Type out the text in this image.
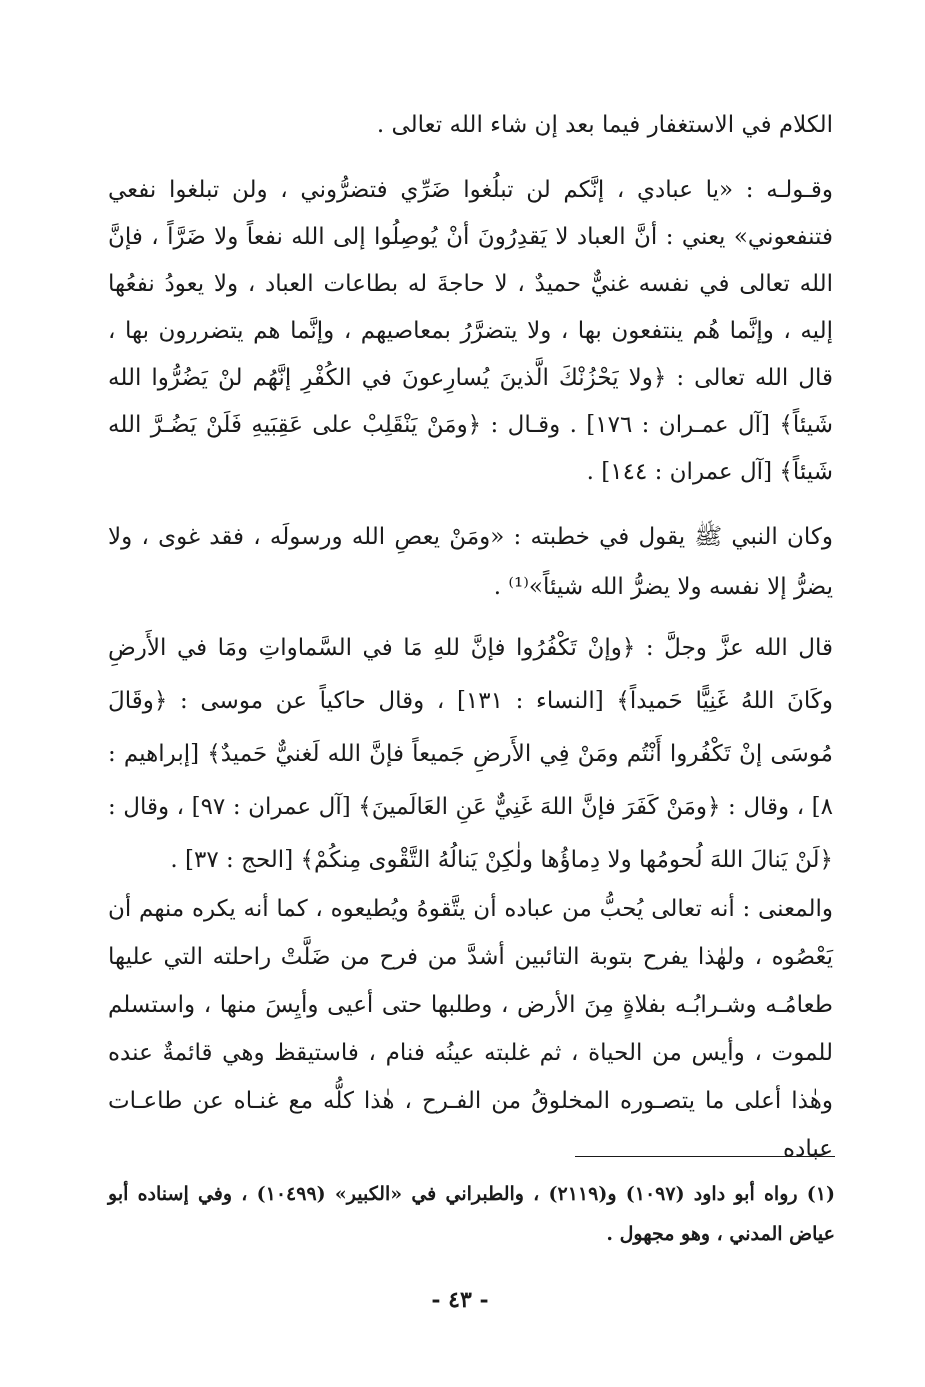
الكلام في الاستغفار فيما بعد إن شاء الله تعالى .

وقـولـه : «يا عبادي ، إنَّكم لن تبلُغوا ضَرِّي فتضرُّوني ، ولن تبلغوا نفعي فتنفعوني» يعني : أنَّ العباد لا يَقدِرُونَ أنْ يُوصِلُوا إلى الله نفعاً ولا ضَرَّاً ، فإنَّ الله تعالى في نفسه غنيٌّ حميدٌ ، لا حاجةَ له بطاعات العباد ، ولا يعودُ نفعُها إليه ، وإنَّما هُم ينتفعون بها ، ولا يتضرَّرُ بمعاصيهم ، وإنَّما هم يتضررون بها ، قال الله تعالى : ﴿ولا يَحْزُنْكَ الَّذينَ يُسارِعونَ في الكُفْرِ إنَّهُم لنْ يَضُرُّوا الله شَيئاً﴾ [آل عمـران : ١٧٦] . وقـال : ﴿ومَنْ يَنْقَلِبْ على عَقِبَيهِ فَلَنْ يَضُـرَّ الله شَيئاً﴾ [آل عمران : ١٤٤] .

وكان النبي ﷺ يقول في خطبته : «ومَنْ يعصِ الله ورسولَه ، فقد غوى ، ولا يضرُّ إلا نفسه ولا يضرُّ الله شيئاً»⁽¹⁾ .

قال الله عزَّ وجلَّ : ﴿وإنْ تَكْفُرُوا فإنَّ للهِ مَا في السَّماواتِ ومَا في الأَرضِ وكَانَ اللهُ غَنِيًّا حَميداً﴾ [النساء : ١٣١] ، وقال حاكياً عن موسى : ﴿وقَالَ مُوسَى إنْ تَكْفُروا أَنْتُم ومَنْ فِي الأَرضِ جَميعاً فإنَّ الله لَغنيٌّ حَميدٌ﴾ [إبراهيم : ٨] ، وقال : ﴿ومَنْ كَفَرَ فإنَّ اللهَ غَنِيٌّ عَنِ العَالَمينَ﴾ [آل عمران : ٩٧] ، وقال : ﴿لَنْ يَنالَ اللهَ لُحومُها ولا دِماؤُها ولٰكِنْ يَنالُهُ التَّقْوى مِنكُمْ﴾ [الحج : ٣٧] .

والمعنى : أنه تعالى يُحبُّ من عباده أن يتَّقوهُ ويُطيعوه ، كما أنه يكره منهم أن يَعْصُوه ، ولهٰذا يفرح بتوبة التائبين أشدَّ من فرح من ضَلَّتْ راحلته التي عليها طعامُـه وشـرابُـه بفلاةٍ مِنَ الأرض ، وطلبها حتى أعيى وأيِسَ منها ، واستسلم للموت ، وأيس من الحياة ، ثم غلبته عينُه فنام ، فاستيقظ وهي قائمةٌ عنده وهٰذا أعلى ما يتصـوره المخلوقُ من الفـرح ، هٰذا كلُّه مع غنـاه عن طاعـات عباده

(١) رواه أبو داود (١٠٩٧) و(٢١١٩) ، والطبراني في «الكبير» (١٠٤٩٩) ، وفي إسناده أبو عياض المدني ، وهو مجهول .

- ٤٣ -
